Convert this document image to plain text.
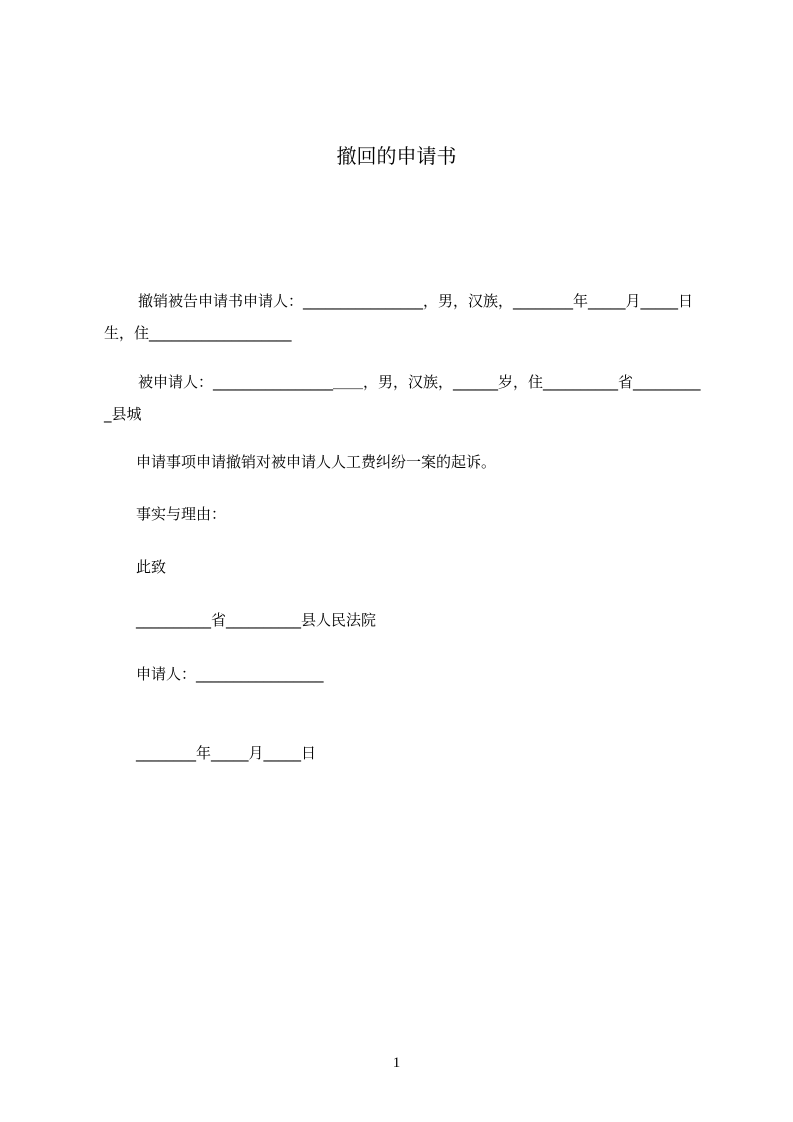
撤回的申请书
撤销被告申请书申请人：________________，男，汉族，________年_____月_____日生，住___________________
被申请人：________________＿＿，男，汉族，______岁，住__________省__________县城
申请事项申请撤销对被申请人人工费纠纷一案的起诉。
事实与理由：
此致
__________省__________县人民法院
申请人：_________________
________年_____月_____日
1
